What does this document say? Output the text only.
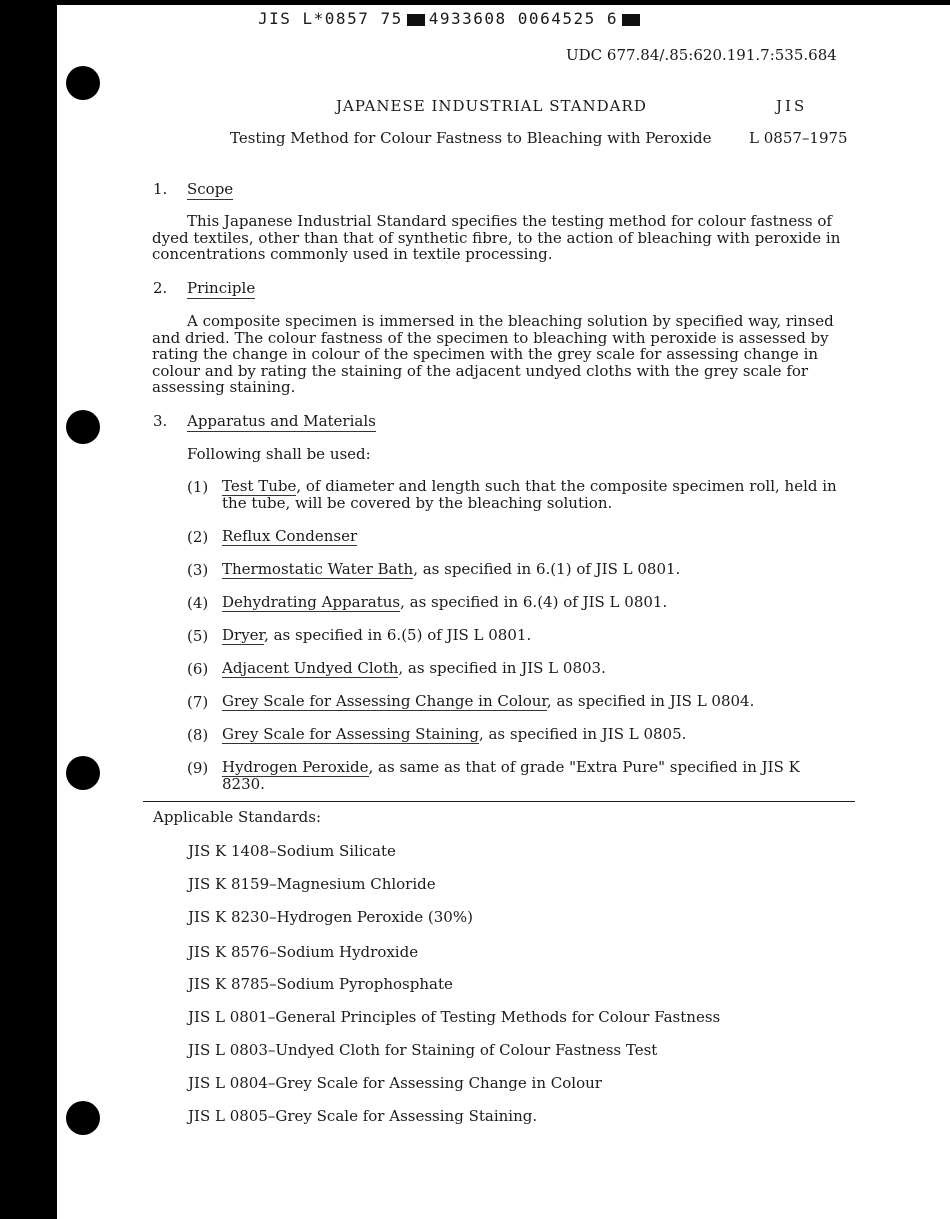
JIS L*0857 75 4933608 0064525 6
UDC 677.84/.85:620.191.7:535.684
JAPANESE INDUSTRIAL STANDARD	JIS
Testing Method for Colour Fastness to Bleaching with Peroxide	L 0857–1975
1. Scope
This Japanese Industrial Standard specifies the testing method for colour fastness of dyed textiles, other than that of synthetic fibre, to the action of bleaching with peroxide in concentrations commonly used in textile processing.
2. Principle
A composite specimen is immersed in the bleaching solution by specified way, rinsed and dried. The colour fastness of the specimen to bleaching with peroxide is assessed by rating the change in colour of the specimen with the grey scale for assessing change in colour and by rating the staining of the adjacent undyed cloths with the grey scale for assessing staining.
3. Apparatus and Materials
Following shall be used:
(1) Test Tube, of diameter and length such that the composite specimen roll, held in the tube, will be covered by the bleaching solution.
(2) Reflux Condenser
(3) Thermostatic Water Bath, as specified in 6.(1) of JIS L 0801.
(4) Dehydrating Apparatus, as specified in 6.(4) of JIS L 0801.
(5) Dryer, as specified in 6.(5) of JIS L 0801.
(6) Adjacent Undyed Cloth, as specified in JIS L 0803.
(7) Grey Scale for Assessing Change in Colour, as specified in JIS L 0804.
(8) Grey Scale for Assessing Staining, as specified in JIS L 0805.
(9) Hydrogen Peroxide, as same as that of grade "Extra Pure" specified in JIS K 8230.
Applicable Standards:
JIS K 1408–Sodium Silicate
JIS K 8159–Magnesium Chloride
JIS K 8230–Hydrogen Peroxide (30%)
JIS K 8576–Sodium Hydroxide
JIS K 8785–Sodium Pyrophosphate
JIS L 0801–General Principles of Testing Methods for Colour Fastness
JIS L 0803–Undyed Cloth for Staining of Colour Fastness Test
JIS L 0804–Grey Scale for Assessing Change in Colour
JIS L 0805–Grey Scale for Assessing Staining.
